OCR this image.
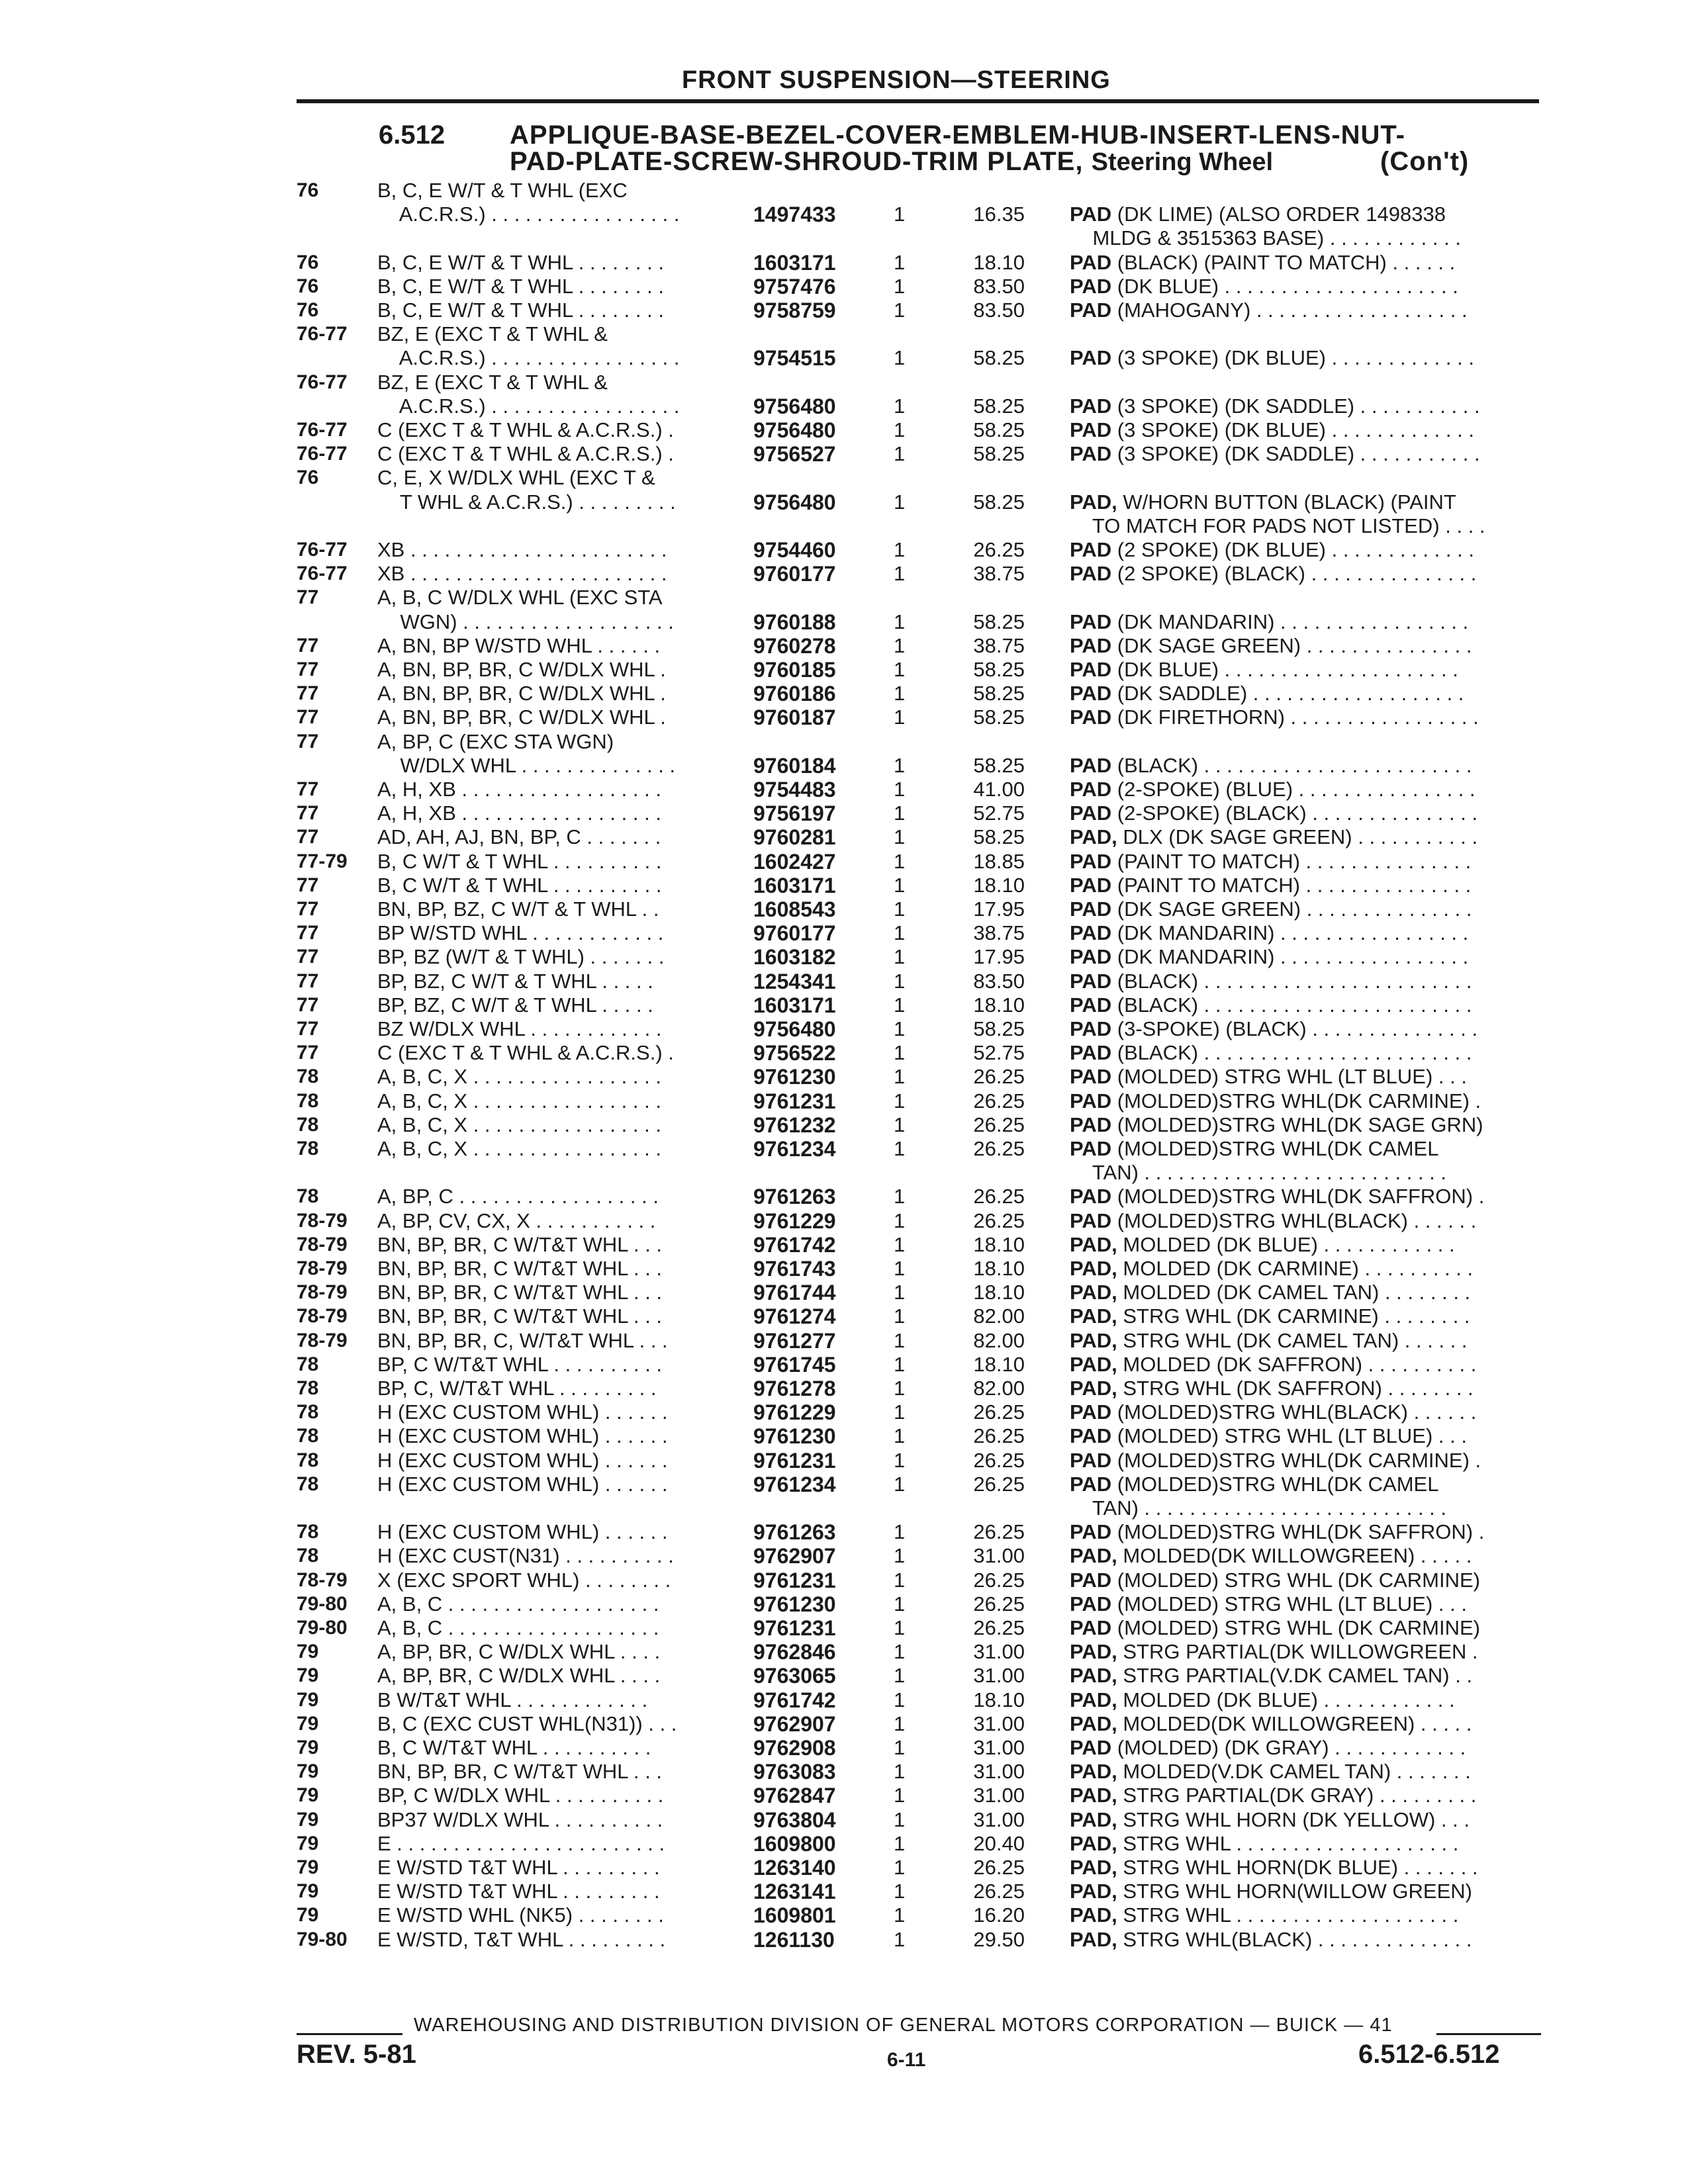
FRONT SUSPENSION—STEERING
6.512 APPLIQUE-BASE-BEZEL-COVER-EMBLEM-HUB-INSERT-LENS-NUT-
PAD-PLATE-SCREW-SHROUD-TRIM PLATE, Steering Wheel	(Con't)
76	B, C, E W/T & T WHL (EXC
A.C.R.S.) . . . . . . . . . . . . . . . . .	1497433	1	16.35 PAD (DK LIME) (ALSO ORDER 1498338
MLDG & 3515363 BASE) . . . . . . . . . . . .
76	B, C, E W/T & T WHL . . . . . . . .	1603171	1	18.10 PAD (BLACK) (PAINT TO MATCH) . . . . . .
76	B, C, E W/T & T WHL . . . . . . . .	9757476	1	83.50 PAD (DK BLUE) . . . . . . . . . . . . . . . . . . . . .
76	B, C, E W/T & T WHL . . . . . . . .	9758759	1	83.50 PAD (MAHOGANY) . . . . . . . . . . . . . . . . . . .
76-77	BZ, E (EXC T & T WHL &
A.C.R.S.) . . . . . . . . . . . . . . . . .	9754515	1	58.25 PAD (3 SPOKE) (DK BLUE) . . . . . . . . . . . . .
76-77	BZ, E (EXC T & T WHL &
A.C.R.S.) . . . . . . . . . . . . . . . . .	9756480	1	58.25 PAD (3 SPOKE) (DK SADDLE) . . . . . . . . . . .
76-77	C (EXC T & T WHL & A.C.R.S.) .	9756480	1	58.25 PAD (3 SPOKE) (DK BLUE) . . . . . . . . . . . . .
76-77	C (EXC T & T WHL & A.C.R.S.) .	9756527	1	58.25 PAD (3 SPOKE) (DK SADDLE) . . . . . . . . . . .
76	C, E, X W/DLX WHL (EXC T &
T WHL & A.C.R.S.) . . . . . . . . .	9756480	1	58.25 PAD, W/HORN BUTTON (BLACK) (PAINT
TO MATCH FOR PADS NOT LISTED) . . . .
76-77	XB . . . . . . . . . . . . . . . . . . . . . . .	9754460	1	26.25 PAD (2 SPOKE) (DK BLUE) . . . . . . . . . . . . .
76-77	XB . . . . . . . . . . . . . . . . . . . . . . .	9760177	1	38.75 PAD (2 SPOKE) (BLACK) . . . . . . . . . . . . . . .
77	A, B, C W/DLX WHL (EXC STA
WGN) . . . . . . . . . . . . . . . . . . .	9760188	1	58.25 PAD (DK MANDARIN) . . . . . . . . . . . . . . . . .
77	A, BN, BP W/STD WHL . . . . . .	9760278	1	38.75 PAD (DK SAGE GREEN) . . . . . . . . . . . . . . .
77	A, BN, BP, BR, C W/DLX WHL .	9760185	1	58.25 PAD (DK BLUE) . . . . . . . . . . . . . . . . . . . . .
77	A, BN, BP, BR, C W/DLX WHL .	9760186	1	58.25 PAD (DK SADDLE) . . . . . . . . . . . . . . . . . . .
77	A, BN, BP, BR, C W/DLX WHL .	9760187	1	58.25 PAD (DK FIRETHORN) . . . . . . . . . . . . . . . . .
77	A, BP, C (EXC STA WGN)
W/DLX WHL . . . . . . . . . . . . . .	9760184	1	58.25 PAD (BLACK) . . . . . . . . . . . . . . . . . . . . . . . .
77	A, H, XB . . . . . . . . . . . . . . . . . .	9754483	1	41.00 PAD (2-SPOKE) (BLUE) . . . . . . . . . . . . . . . .
77	A, H, XB . . . . . . . . . . . . . . . . . .	9756197	1	52.75 PAD (2-SPOKE) (BLACK) . . . . . . . . . . . . . . .
77	AD, AH, AJ, BN, BP, C . . . . . . .	9760281	1	58.25 PAD, DLX (DK SAGE GREEN) . . . . . . . . . . .
77-79	B, C W/T & T WHL . . . . . . . . . .	1602427	1	18.85 PAD (PAINT TO MATCH) . . . . . . . . . . . . . . .
77	B, C W/T & T WHL . . . . . . . . . .	1603171	1	18.10 PAD (PAINT TO MATCH) . . . . . . . . . . . . . . .
77	BN, BP, BZ, C W/T & T WHL . .	1608543	1	17.95 PAD (DK SAGE GREEN) . . . . . . . . . . . . . . .
77	BP W/STD WHL . . . . . . . . . . . .	9760177	1	38.75 PAD (DK MANDARIN) . . . . . . . . . . . . . . . . .
77	BP, BZ (W/T & T WHL) . . . . . . .	1603182	1	17.95 PAD (DK MANDARIN) . . . . . . . . . . . . . . . . .
77	BP, BZ, C W/T & T WHL . . . . .	1254341	1	83.50 PAD (BLACK) . . . . . . . . . . . . . . . . . . . . . . . .
77	BP, BZ, C W/T & T WHL . . . . .	1603171	1	18.10 PAD (BLACK) . . . . . . . . . . . . . . . . . . . . . . . .
77	BZ W/DLX WHL . . . . . . . . . . . .	9756480	1	58.25 PAD (3-SPOKE) (BLACK) . . . . . . . . . . . . . . .
77	C (EXC T & T WHL & A.C.R.S.) .	9756522	1	52.75 PAD (BLACK) . . . . . . . . . . . . . . . . . . . . . . . .
78	A, B, C, X . . . . . . . . . . . . . . . . .	9761230	1	26.25 PAD (MOLDED) STRG WHL (LT BLUE) . . .
78	A, B, C, X . . . . . . . . . . . . . . . . .	9761231	1	26.25 PAD (MOLDED)STRG WHL(DK CARMINE) .
78	A, B, C, X . . . . . . . . . . . . . . . . .	9761232	1	26.25 PAD (MOLDED)STRG WHL(DK SAGE GRN)
78	A, B, C, X . . . . . . . . . . . . . . . . .	9761234	1	26.25 PAD (MOLDED)STRG WHL(DK CAMEL
TAN) . . . . . . . . . . . . . . . . . . . . . . . . . . .
78	A, BP, C . . . . . . . . . . . . . . . . . .	9761263	1	26.25 PAD (MOLDED)STRG WHL(DK SAFFRON) .
78-79	A, BP, CV, CX, X . . . . . . . . . . .	9761229	1	26.25 PAD (MOLDED)STRG WHL(BLACK) . . . . . .
78-79	BN, BP, BR, C W/T&T WHL . . .	9761742	1	18.10 PAD, MOLDED (DK BLUE) . . . . . . . . . . . .
78-79	BN, BP, BR, C W/T&T WHL . . .	9761743	1	18.10 PAD, MOLDED (DK CARMINE) . . . . . . . . . .
78-79	BN, BP, BR, C W/T&T WHL . . .	9761744	1	18.10 PAD, MOLDED (DK CAMEL TAN) . . . . . . . .
78-79	BN, BP, BR, C W/T&T WHL . . .	9761274	1	82.00 PAD, STRG WHL (DK CARMINE) . . . . . . . .
78-79	BN, BP, BR, C, W/T&T WHL . . .	9761277	1	82.00 PAD, STRG WHL (DK CAMEL TAN) . . . . . .
78	BP, C W/T&T WHL . . . . . . . . . .	9761745	1	18.10 PAD, MOLDED (DK SAFFRON) . . . . . . . . . .
78	BP, C, W/T&T WHL . . . . . . . . .	9761278	1	82.00 PAD, STRG WHL (DK SAFFRON) . . . . . . . .
78	H (EXC CUSTOM WHL) . . . . . .	9761229	1	26.25 PAD (MOLDED)STRG WHL(BLACK) . . . . . .
78	H (EXC CUSTOM WHL) . . . . . .	9761230	1	26.25 PAD (MOLDED) STRG WHL (LT BLUE) . . .
78	H (EXC CUSTOM WHL) . . . . . .	9761231	1	26.25 PAD (MOLDED)STRG WHL(DK CARMINE) .
78	H (EXC CUSTOM WHL) . . . . . .	9761234	1	26.25 PAD (MOLDED)STRG WHL(DK CAMEL
TAN) . . . . . . . . . . . . . . . . . . . . . . . . . . .
78	H (EXC CUSTOM WHL) . . . . . .	9761263	1	26.25 PAD (MOLDED)STRG WHL(DK SAFFRON) .
78	H (EXC CUST(N31) . . . . . . . . . .	9762907	1	31.00 PAD, MOLDED(DK WILLOWGREEN) . . . . .
78-79	X (EXC SPORT WHL) . . . . . . . .	9761231	1	26.25 PAD (MOLDED) STRG WHL (DK CARMINE)
79-80	A, B, C . . . . . . . . . . . . . . . . . . .	9761230	1	26.25 PAD (MOLDED) STRG WHL (LT BLUE) . . .
79-80	A, B, C . . . . . . . . . . . . . . . . . . .	9761231	1	26.25 PAD (MOLDED) STRG WHL (DK CARMINE)
79	A, BP, BR, C W/DLX WHL . . . .	9762846	1	31.00 PAD, STRG PARTIAL(DK WILLOWGREEN .
79	A, BP, BR, C W/DLX WHL . . . .	9763065	1	31.00 PAD, STRG PARTIAL(V.DK CAMEL TAN) . .
79	B W/T&T WHL . . . . . . . . . . . .	9761742	1	18.10 PAD, MOLDED (DK BLUE) . . . . . . . . . . . .
79	B, C (EXC CUST WHL(N31)) . . .	9762907	1	31.00 PAD, MOLDED(DK WILLOWGREEN) . . . . .
79	B, C W/T&T WHL . . . . . . . . . .	9762908	1	31.00 PAD (MOLDED) (DK GRAY) . . . . . . . . . . . .
79	BN, BP, BR, C W/T&T WHL . . .	9763083	1	31.00 PAD, MOLDED(V.DK CAMEL TAN) . . . . . . .
79	BP, C W/DLX WHL . . . . . . . . . .	9762847	1	31.00 PAD, STRG PARTIAL(DK GRAY) . . . . . . . . .
79	BP37 W/DLX WHL . . . . . . . . . .	9763804	1	31.00 PAD, STRG WHL HORN (DK YELLOW) . . .
79	E . . . . . . . . . . . . . . . . . . . . . . . .	1609800	1	20.40 PAD, STRG WHL . . . . . . . . . . . . . . . . . . . .
79	E W/STD T&T WHL . . . . . . . . .	1263140	1	26.25 PAD, STRG WHL HORN(DK BLUE) . . . . . . .
79	E W/STD T&T WHL . . . . . . . . .	1263141	1	26.25 PAD, STRG WHL HORN(WILLOW GREEN)
79	E W/STD WHL (NK5) . . . . . . . .	1609801	1	16.20 PAD, STRG WHL . . . . . . . . . . . . . . . . . . . .
79-80	E W/STD, T&T WHL . . . . . . . . .	1261130	1	29.50 PAD, STRG WHL(BLACK) . . . . . . . . . . . . . .
WAREHOUSING AND DISTRIBUTION DIVISION OF GENERAL MOTORS CORPORATION — BUICK — 41
REV. 5-81	6-11	6.512-6.512
